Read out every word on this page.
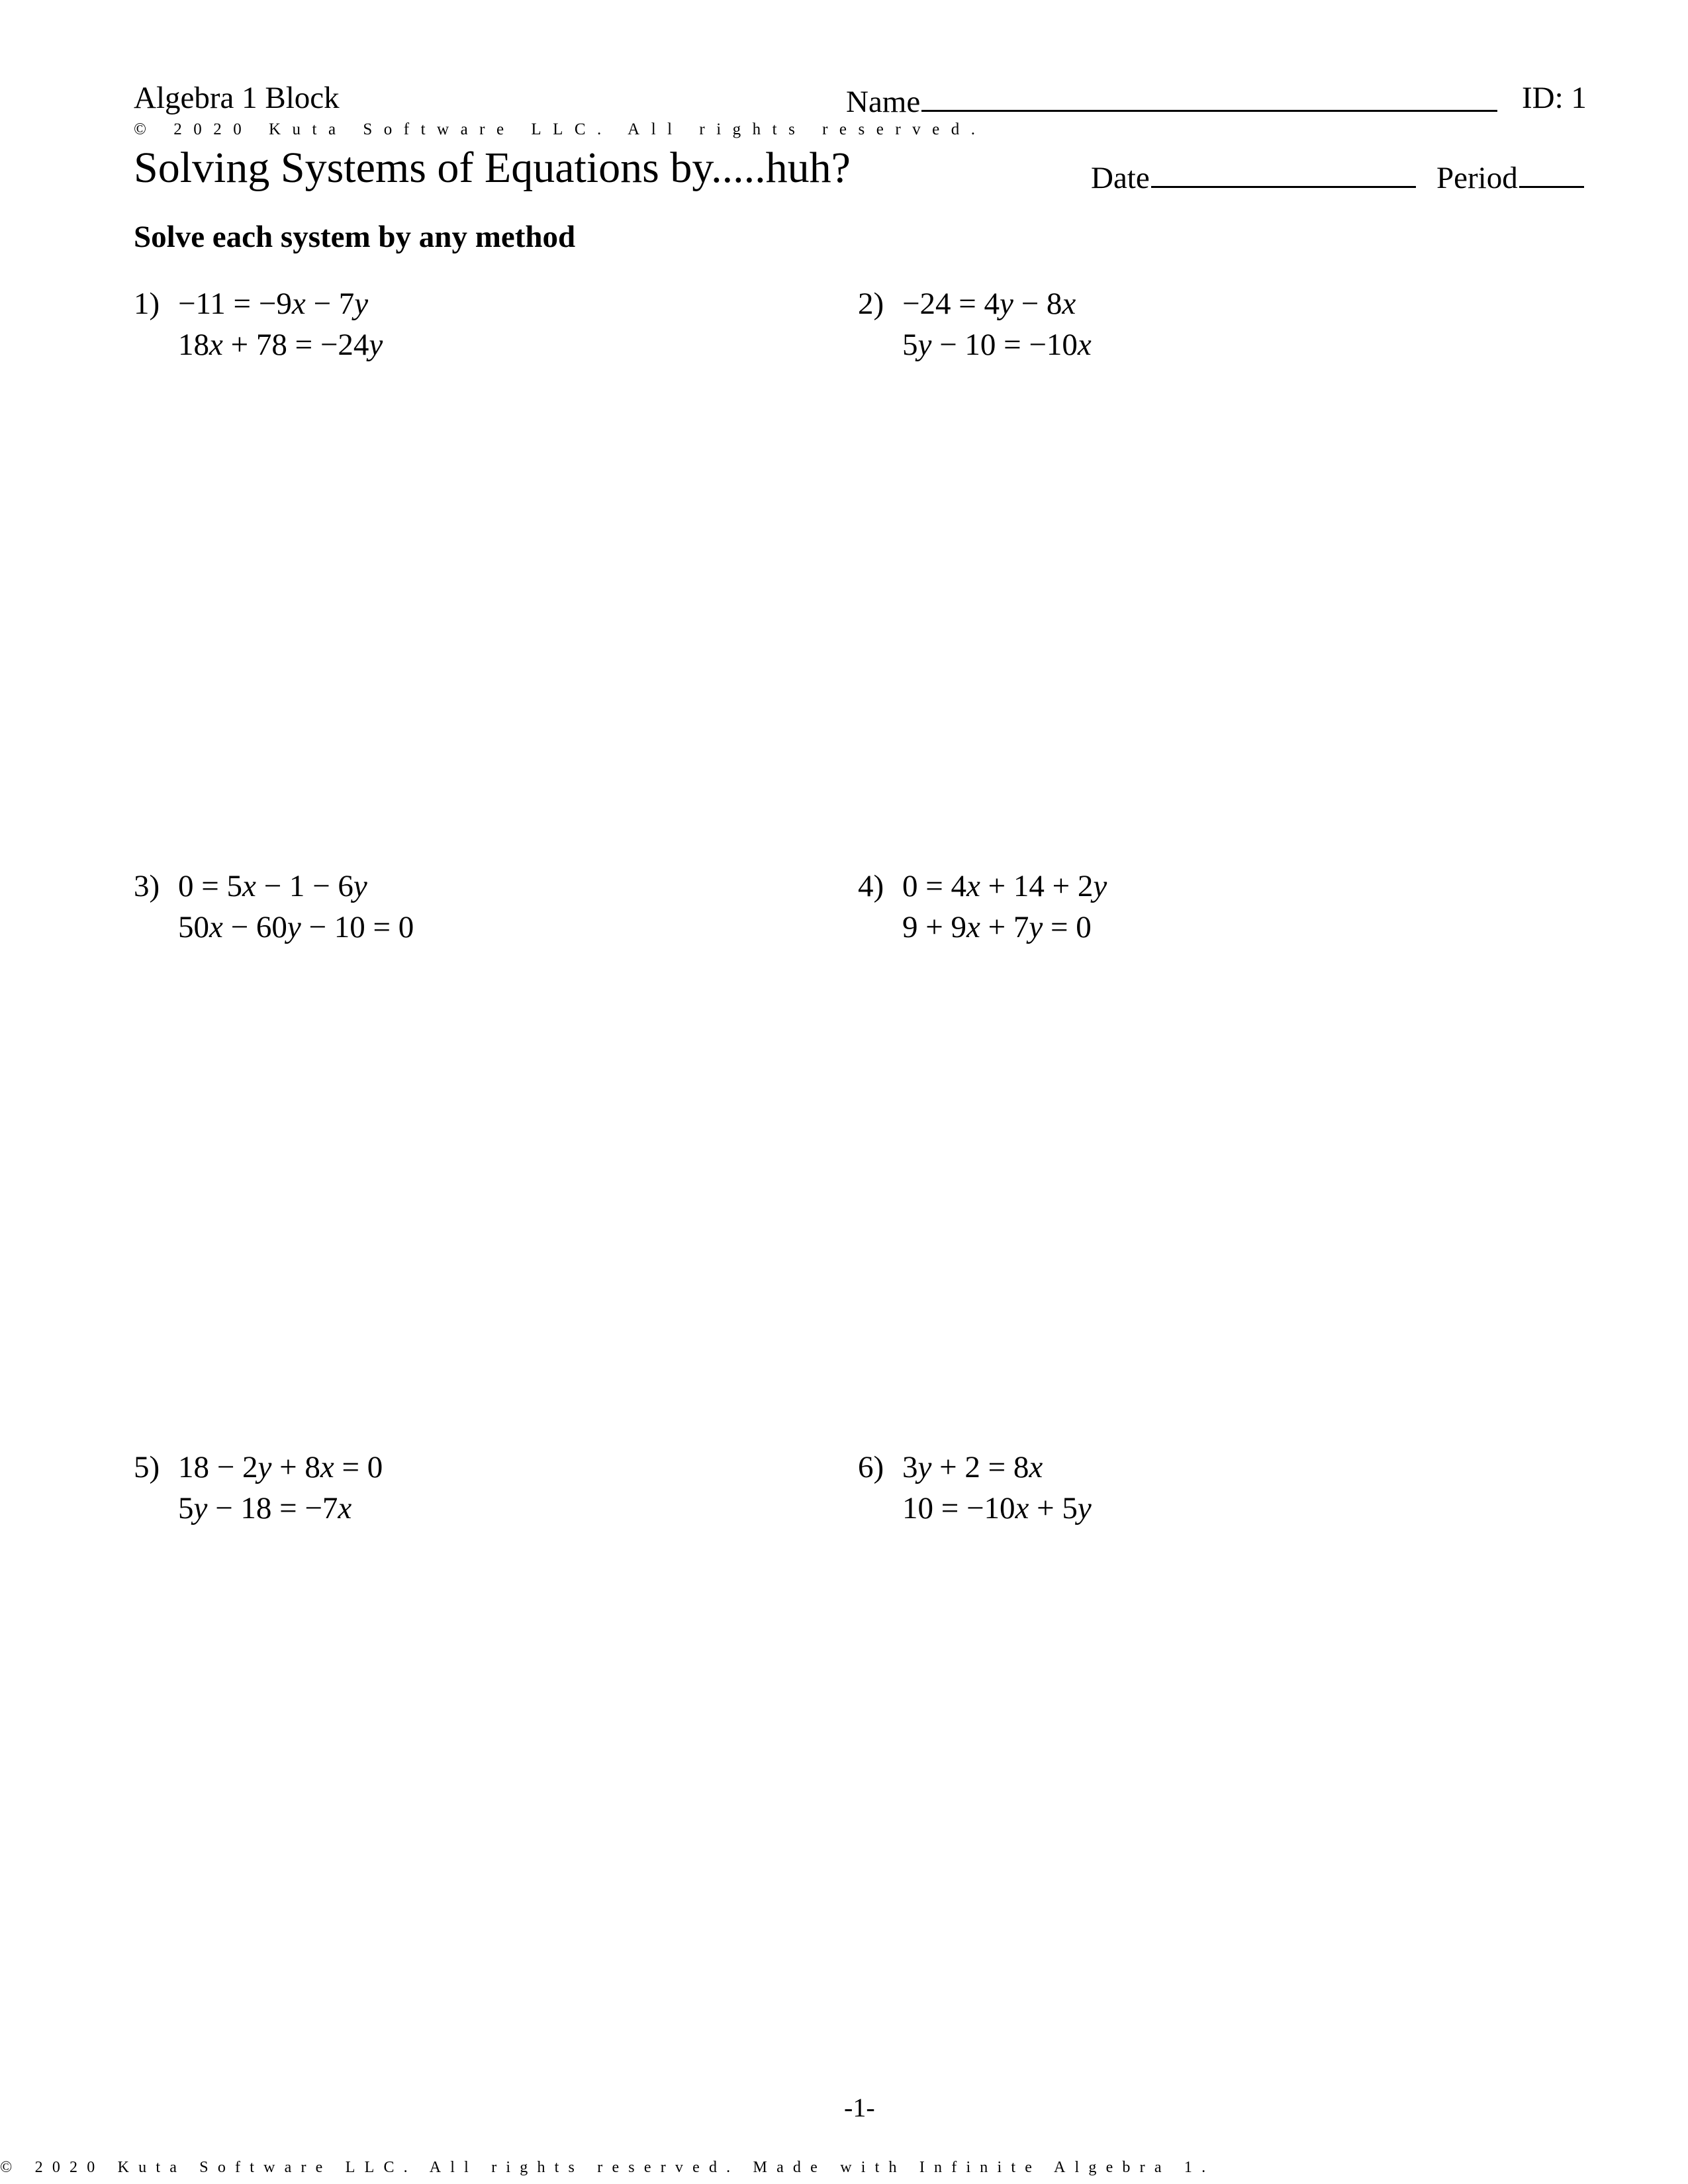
Algebra 1 Block	Name	ID: 1
© 2020 Kuta Software LLC. All rights reserved.
Solving Systems of Equations by.....huh?	Date	Period
Solve each system by any method
1) −11 = −9x − 7y
18x + 78 = −24y
2) −24 = 4y − 8x
5y − 10 = −10x
3) 0 = 5x − 1 − 6y
50x − 60y − 10 = 0
4) 0 = 4x + 14 + 2y
9 + 9x + 7y = 0
5) 18 − 2y + 8x = 0
5y − 18 = −7x
6) 3y + 2 = 8x
10 = −10x + 5y
-1-
© 2020 Kuta Software LLC. All rights reserved. Made with Infinite Algebra 1.
